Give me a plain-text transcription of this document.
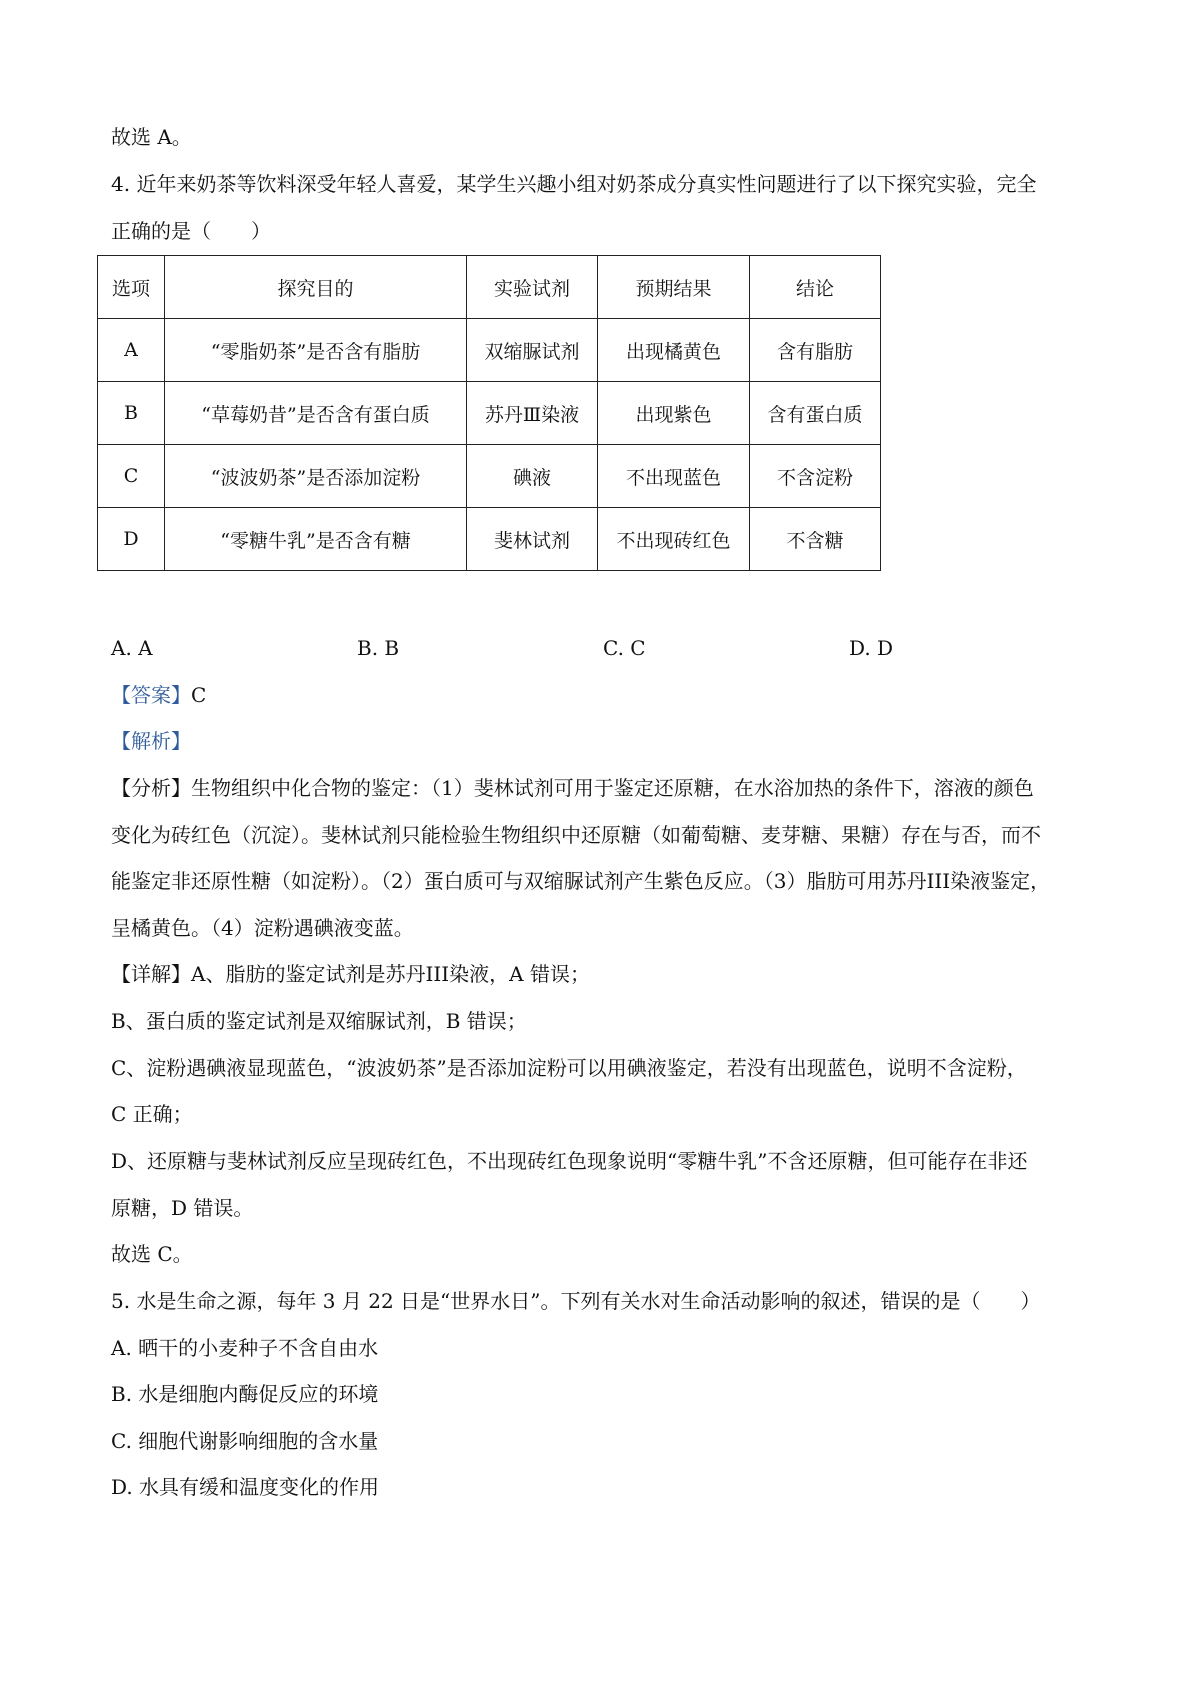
故选 A。
4. 近年来奶茶等饮料深受年轻人喜爱，某学生兴趣小组对奶茶成分真实性问题进行了以下探究实验，完全
正确的是（　　）
选项	探究目的	实验试剂	预期结果	结论
A	“零脂奶茶”是否含有脂肪	双缩脲试剂	出现橘黄色	含有脂肪
B	“草莓奶昔”是否含有蛋白质	苏丹Ⅲ染液	出现紫色	含有蛋白质
C	“波波奶茶”是否添加淀粉	碘液	不出现蓝色	不含淀粉
D	“零糖牛乳”是否含有糖	斐林试剂	不出现砖红色	不含糖
A. A	B. B	C. C	D. D
【答案】C
【解析】
【分析】生物组织中化合物的鉴定：（1）斐林试剂可用于鉴定还原糖，在水浴加热的条件下，溶液的颜色
变化为砖红色（沉淀）。斐林试剂只能检验生物组织中还原糖（如葡萄糖、麦芽糖、果糖）存在与否，而不
能鉴定非还原性糖（如淀粉）。（2）蛋白质可与双缩脲试剂产生紫色反应。（3）脂肪可用苏丹III染液鉴定，
呈橘黄色。（4）淀粉遇碘液变蓝。
【详解】A、脂肪的鉴定试剂是苏丹III染液，A 错误；
B、蛋白质的鉴定试剂是双缩脲试剂，B 错误；
C、淀粉遇碘液显现蓝色，“波波奶茶”是否添加淀粉可以用碘液鉴定，若没有出现蓝色，说明不含淀粉，
C 正确；
D、还原糖与斐林试剂反应呈现砖红色，不出现砖红色现象说明“零糖牛乳”不含还原糖，但可能存在非还
原糖，D 错误。
故选 C。
5. 水是生命之源，每年 3 月 22 日是“世界水日”。下列有关水对生命活动影响的叙述，错误的是（　　）
A. 晒干的小麦种子不含自由水
B. 水是细胞内酶促反应的环境
C. 细胞代谢影响细胞的含水量
D. 水具有缓和温度变化的作用
